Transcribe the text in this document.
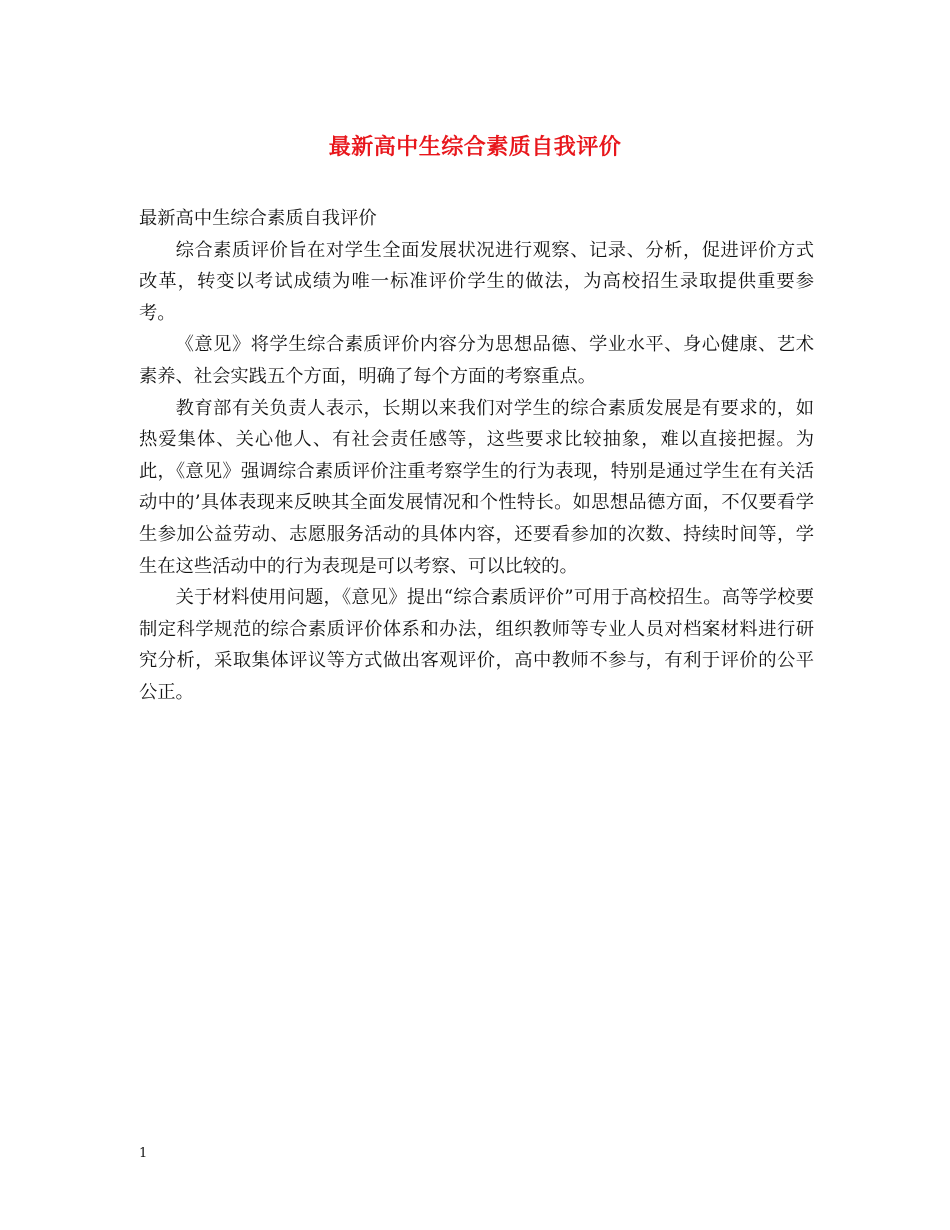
最新高中生综合素质自我评价

最新高中生综合素质自我评价

综合素质评价旨在对学生全面发展状况进行观察、记录、分析，促进评价方式改革，转变以考试成绩为唯一标准评价学生的做法，为高校招生录取提供重要参考。

《意见》将学生综合素质评价内容分为思想品德、学业水平、身心健康、艺术素养、社会实践五个方面，明确了每个方面的考察重点。

教育部有关负责人表示，长期以来我们对学生的综合素质发展是有要求的，如热爱集体、关心他人、有社会责任感等，这些要求比较抽象，难以直接把握。为此，《意见》强调综合素质评价注重考察学生的行为表现，特别是通过学生在有关活动中的’具体表现来反映其全面发展情况和个性特长。如思想品德方面，不仅要看学生参加公益劳动、志愿服务活动的具体内容，还要看参加的次数、持续时间等，学生在这些活动中的行为表现是可以考察、可以比较的。

关于材料使用问题，《意见》提出“综合素质评价”可用于高校招生。高等学校要制定科学规范的综合素质评价体系和办法，组织教师等专业人员对档案材料进行研究分析，采取集体评议等方式做出客观评价，高中教师不参与，有利于评价的公平公正。

1
